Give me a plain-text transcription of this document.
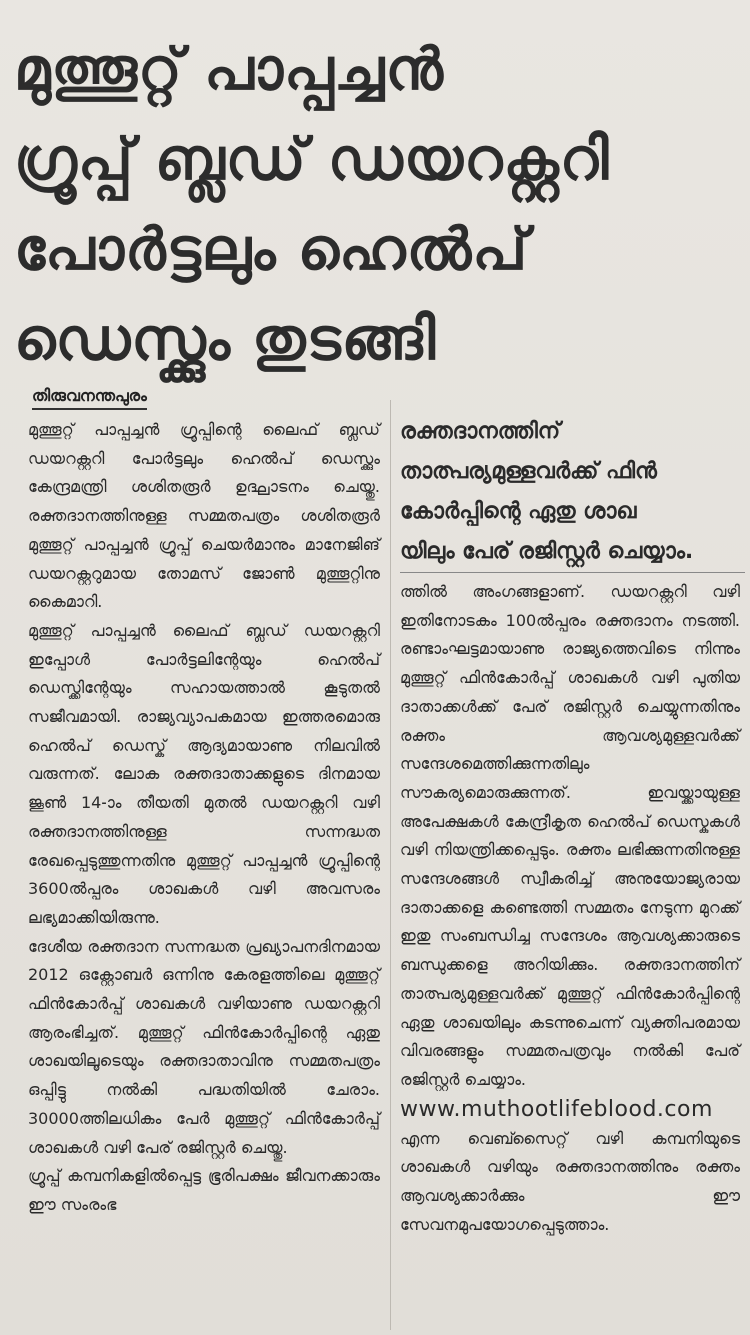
മുത്തൂറ്റ് പാപ്പച്ചൻ
ഗ്രൂപ്പ് ബ്ലഡ് ഡയറക്റ്ററി
പോർട്ടലും ഹെൽപ്
ഡെസ്ക്കും തുടങ്ങി
തിരുവനന്തപുരം

മുത്തൂറ്റ് പാപ്പച്ചൻ ഗ്രൂപ്പിന്റെ ലൈഫ് ബ്ലഡ് ഡയറക്റ്ററി പോർട്ടലും ഹെൽപ് ഡെസ്ക്കും കേന്ദ്രമന്ത്രി ശശിതരൂർ ഉദ്ഘാടനം ചെയ്തു. രക്തദാനത്തിനുള്ള സമ്മതപത്രം ശശിതരൂർ മുത്തൂറ്റ് പാപ്പച്ചൻ ഗ്രൂപ്പ് ചെയർമാനും മാനേജിങ് ഡയറക്റ്ററുമായ തോമസ് ജോൺ മുത്തൂറ്റിനു കൈമാറി.

മുത്തൂറ്റ് പാപ്പച്ചൻ ലൈഫ് ബ്ലഡ് ഡയറക്റ്ററി ഇപ്പോൾ പോർട്ടലിന്റേയും ഹെൽപ് ഡെസ്ക്കിന്റേയും സഹായത്താൽ കൂടുതൽ സജീവമായി. രാജ്യവ്യാപകമായ ഇത്തരമൊരു ഹെൽപ് ഡെസ്ക് ആദ്യമായാണു നിലവിൽ വരുന്നത്. ലോക രക്തദാതാക്കളുടെ ദിനമായ ജൂൺ 14-ാം തീയതി മുതൽ ഡയറക്റ്ററി വഴി രക്തദാനത്തിനുള്ള സന്നദ്ധത രേഖപ്പെടുത്തുന്നതിനു മുത്തൂറ്റ് പാപ്പച്ചൻ ഗ്രൂപ്പിന്റെ 3600ൽപ്പരം ശാഖകൾ വഴി അവസരം ലഭ്യമാക്കിയിരുന്നു.

ദേശീയ രക്തദാന സന്നദ്ധത പ്രഖ്യാപനദിനമായ 2012 ഒക്റ്റോബർ ഒന്നിനു കേരളത്തിലെ മുത്തൂറ്റ് ഫിൻകോർപ്പ് ശാഖകൾ വഴിയാണു ഡയറക്റ്ററി ആരംഭിച്ചത്. മുത്തൂറ്റ് ഫിൻകോർപ്പിന്റെ ഏതു ശാഖയിലൂടെയും രക്തദാതാവിനു സമ്മതപത്രം ഒപ്പിട്ടു നൽകി പദ്ധതിയിൽ ചേരാം. 30000ത്തിലധികം പേർ മുത്തൂറ്റ് ഫിൻകോർപ്പ് ശാഖകൾ വഴി പേര് രജിസ്റ്റർ ചെയ്തു.

ഗ്രൂപ്പ് കമ്പനികളിൽപ്പെട്ട ഭൂരിപക്ഷം ജീവനക്കാരും ഈ സംരംഭ

രക്തദാനത്തിന്
താത്പര്യമുള്ളവർക്ക് ഫിൻ
കോർപ്പിന്റെ ഏതു ശാഖ
യിലും പേര് രജിസ്റ്റർ ചെയ്യാം.

ത്തിൽ അംഗങ്ങളാണ്. ഡയറക്റ്ററി വഴി ഇതിനോടകം 100ൽപ്പരം രക്തദാനം നടത്തി. രണ്ടാംഘട്ടമായാണു രാജ്യത്തെവിടെ നിന്നും മുത്തൂറ്റ് ഫിൻകോർപ്പ് ശാഖകൾ വഴി പുതിയ ദാതാക്കൾക്ക് പേര് രജിസ്റ്റർ ചെയ്യുന്നതിനും രക്തം ആവശ്യമുള്ളവർക്ക് സന്ദേശമെത്തിക്കുന്നതിലും സൗകര്യമൊരുക്കുന്നത്. ഇവയ്ക്കായുള്ള അപേക്ഷകൾ കേന്ദ്രീകൃത ഹെൽപ് ഡെസ്കുകൾ വഴി നിയന്ത്രിക്കപ്പെടും. രക്തം ലഭിക്കുന്നതിനുള്ള സന്ദേശങ്ങൾ സ്വീകരിച്ച് അനുയോജ്യരായ ദാതാക്കളെ കണ്ടെത്തി സമ്മതം നേടുന്ന മുറക്ക് ഇതു സംബന്ധിച്ച സന്ദേശം ആവശ്യക്കാരുടെ ബന്ധുക്കളെ അറിയിക്കും. രക്തദാനത്തിന് താത്പര്യമുള്ളവർക്ക് മുത്തൂറ്റ് ഫിൻകോർപ്പിന്റെ ഏതു ശാഖയിലും കടന്നുചെന്ന് വ്യക്തിപരമായ വിവരങ്ങളും സമ്മതപത്രവും നൽകി പേര് രജിസ്റ്റർ ചെയ്യാം.

www.muthootlifeblood.com

എന്ന വെബ്സൈറ്റ് വഴി കമ്പനിയുടെ ശാഖകൾ വഴിയും രക്തദാനത്തിനും രക്തം ആവശ്യക്കാർക്കും ഈ സേവനമുപയോഗപ്പെടുത്താം.
